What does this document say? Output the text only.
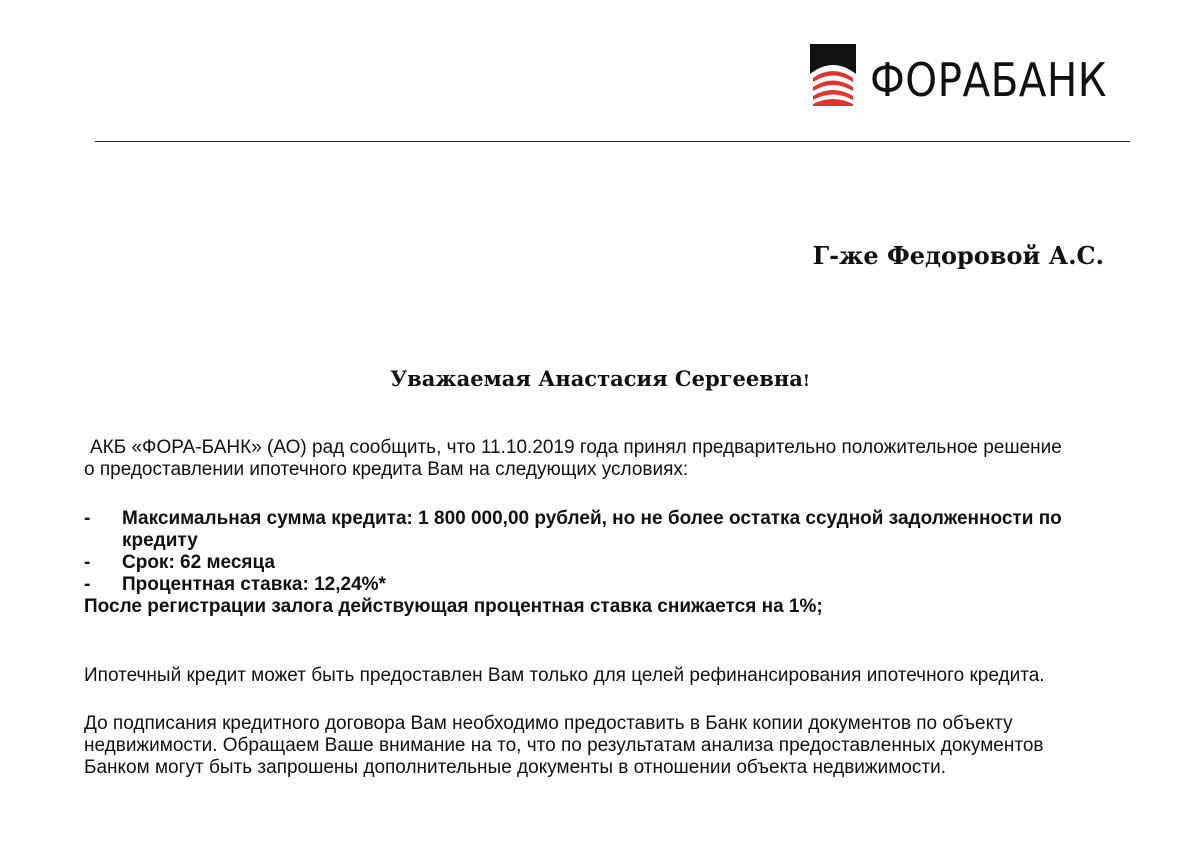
ФОРАБАНК
Г-же Федоровой А.С.
Уважаемая Анастасия Сергеевна!
АКБ «ФОРА-БАНК» (АО) рад сообщить, что 11.10.2019 года принял предварительно положительное решение
о предоставлении ипотечного кредита Вам на следующих условиях:
-	Максимальная сумма кредита: 1 800 000,00 рублей, но не более остатка ссудной задолженности по кредиту
-	Срок: 62 месяца
-	Процентная ставка: 12,24%*
После регистрации залога действующая процентная ставка снижается на 1%;
Ипотечный кредит может быть предоставлен Вам только для целей рефинансирования ипотечного кредита.
До подписания кредитного договора Вам необходимо предоставить в Банк копии документов по объекту недвижимости. Обращаем Ваше внимание на то, что по результатам анализа предоставленных документов Банком могут быть запрошены дополнительные документы в отношении объекта недвижимости.
